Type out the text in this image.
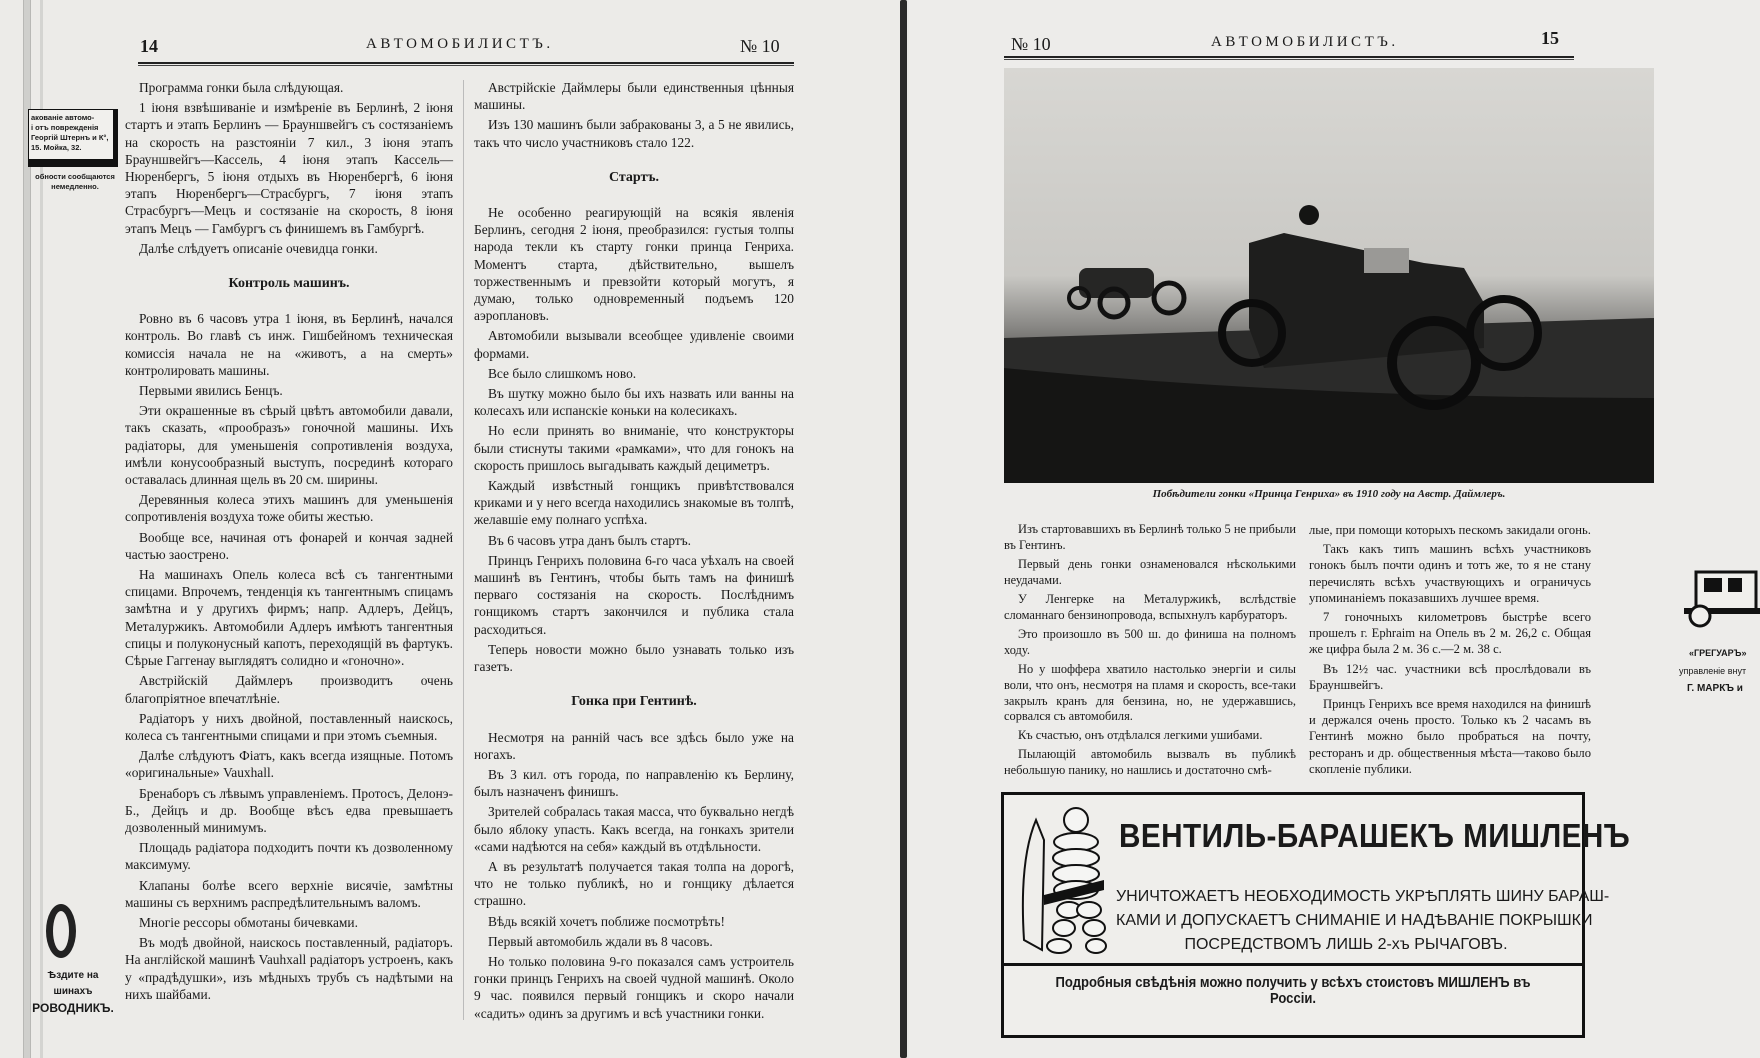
14	АВТОМОБИЛИСТЪ.	№ 10
акованіе автомо-
і отъ поврежденія
Георгій Штернъ и К°,
15. Мойка, 32.
обности сообщаются
немедленно.
Ѣздите на
шинахъ
РОВОДНИКЪ.

Программа гонки была слѣдующая.

1 іюня взвѣшиваніе и измѣреніе въ Берлинѣ, 2 іюня стартъ и этапъ Берлинъ — Брауншвейгъ съ состязаніемъ на скорость на разстояніи 7 кил., 3 іюня этапъ Брауншвейгъ—Кассель, 4 іюня этапъ Кассель—Нюренбергъ, 5 іюня отдыхъ въ Нюренбергѣ, 6 іюня этапъ Нюренбергъ—Страсбургъ, 7 іюня этапъ Страсбургъ—Мецъ и состязаніе на скорость, 8 іюня этапъ Мецъ — Гамбургъ съ финишемъ въ Гамбургѣ.

Далѣе слѣдуетъ описаніе очевидца гонки.

Контроль машинъ.

Ровно въ 6 часовъ утра 1 іюня, въ Берлинѣ, начался контроль. Во главѣ съ инж. Гишбейномъ техническая комиссія начала не на «животъ, а на смерть» контролировать машины.

Первыми явились Бенцъ.

Эти окрашенные въ сѣрый цвѣтъ автомобили давали, такъ сказать, «прообразъ» гоночной машины. Ихъ радіаторы, для уменьшенія сопротивленія воздуха, имѣли конусообразный выступъ, посрединѣ котораго оставалась длинная щель въ 20 см. ширины.

Деревянныя колеса этихъ машинъ для уменьшенія сопротивленія воздуха тоже обиты жестью.

Вообще все, начиная отъ фонарей и кончая задней частью заострено.

На машинахъ Опель колеса всѣ съ тангентными спицами. Впрочемъ, тенденція къ тангентнымъ спицамъ замѣтна и у другихъ фирмъ; напр. Адлеръ, Дейцъ, Металуржикъ. Автомобили Адлеръ имѣютъ тангентныя спицы и полуконусный капотъ, переходящій въ фартукъ. Сѣрые Гаггенау выглядятъ солидно и «гоночно».

Австрійскій Даймлеръ производитъ очень благопріятное впечатлѣніе.

Радіаторъ у нихъ двойной, поставленный наискось, колеса съ тангентными спицами и при этомъ съемныя.

Далѣе слѣдуютъ Фіатъ, какъ всегда изящные. Потомъ «оригинальные» Vauxhall.

Бренаборъ съ лѣвымъ управленіемъ. Протосъ, Делонэ-Б., Дейцъ и др. Вообще вѣсъ едва превышаетъ дозволенный минимумъ.

Площадь радіатора подходитъ почти къ дозволенному максимуму.

Клапаны болѣе всего верхніе висячіе, замѣтны машины съ верхнимъ распредѣлительнымъ валомъ.

Многіе рессоры обмотаны бичевками.

Въ модѣ двойной, наискось поставленный, радіаторъ. На англійской машинѣ Vauhxall радіаторъ устроенъ, какъ у «прадѣдушки», изъ мѣдныхъ трубъ съ надѣтыми на нихъ шайбами.

Австрійскіе Даймлеры были единственныя цѣнныя машины.

Изъ 130 машинъ были забракованы 3, а 5 не явились, такъ что число участниковъ стало 122.

Стартъ.

Не особенно реагирующій на всякія явленія Берлинъ, сегодня 2 іюня, преобразился: густыя толпы народа текли къ старту гонки принца Генриха. Моментъ старта, дѣйствительно, вышелъ торжественнымъ и превзойти который могутъ, я думаю, только одновременный подъемъ 120 аэроплановъ.

Автомобили вызывали всеобщее удивленіе своими формами.

Все было слишкомъ ново.

Въ шутку можно было бы ихъ назвать или ванны на колесахъ или испанскіе коньки на колесикахъ.

Но если принять во вниманіе, что конструкторы были стиснуты такими «рамками», что для гонокъ на скорость пришлось выгадывать каждый дециметръ.

Каждый извѣстный гонщикъ привѣтствовался криками и у него всегда находились знакомые въ толпѣ, желавшіе ему полнаго успѣха.

Въ 6 часовъ утра данъ былъ стартъ.

Принцъ Генрихъ половина 6-го часа уѣхалъ на своей машинѣ въ Гентинъ, чтобы быть тамъ на финишѣ перваго состязанія на скорость. Послѣднимъ гонщикомъ стартъ закончился и публика стала расходиться.

Теперь новости можно было узнавать только изъ газетъ.

Гонка при Гентинѣ.

Несмотря на ранній часъ все здѣсь было уже на ногахъ.

Въ 3 кил. отъ города, по направленію къ Берлину, былъ назначенъ финишъ.

Зрителей собралась такая масса, что буквально негдѣ было яблоку упасть. Какъ всегда, на гонкахъ зрители «сами надѣются на себя» каждый въ отдѣльности.

А въ результатѣ получается такая толпа на дорогѣ, что не только публикѣ, но и гонщику дѣлается страшно.

Вѣдь всякій хочетъ поближе посмотрѣть!

Первый автомобиль ждали въ 8 часовъ.

Но только половина 9-го показался самъ устроитель гонки принцъ Генрихъ на своей чудной машинѣ. Около 9 час. появился первый гонщикъ и скоро начали «садить» одинъ за другимъ и всѣ участники гонки.

№ 10	АВТОМОБИЛИСТЪ.	15
Побѣдители гонки «Принца Генриха» въ 1910 году на Австр. Даймлеръ.

Изъ стартовавшихъ въ Берлинѣ только 5 не прибыли въ Гентинъ.

Первый день гонки ознаменовался нѣсколькими неудачами.

У Ленгерке на Металуржикѣ, вслѣдствіе сломаннаго бензинопровода, вспыхнулъ карбураторъ.

Это произошло въ 500 ш. до финиша на полномъ ходу.

Но у шоффера хватило настолько энергіи и силы воли, что онъ, несмотря на пламя и скорость, все-таки закрылъ кранъ для бензина, но, не удержавшись, сорвался съ автомобиля.

Къ счастью, онъ отдѣлался легкими ушибами.

Пылающій автомобиль вызвалъ въ публикѣ небольшую панику, но нашлись и достаточно смѣ-

лые, при помощи которыхъ пескомъ закидали огонь.

Такъ какъ типъ машинъ всѣхъ участниковъ гонокъ былъ почти одинъ и тотъ же, то я не стану перечислять всѣхъ участвующихъ и ограничусь упоминаніемъ показавшихъ лучшее время.

7 гоночныхъ километровъ быстрѣе всего прошелъ г. Ephraim на Опель въ 2 м. 26,2 с. Общая же цифра была 2 м. 36 с.—2 м. 38 с.

Въ 12½ час. участники всѣ прослѣдовали въ Брауншвейгъ.

Принцъ Генрихъ все время находился на финишѣ и держался очень просто. Только къ 2 часамъ въ Гентинѣ можно было пробраться на почту, ресторанъ и др. общественныя мѣста—таково было скопленіе публики.

ВЕНТИЛЬ-БАРАШЕКЪ МИШЛЕНЪ
УНИЧТОЖАЕТЪ НЕОБХОДИМОСТЬ УКРѢПЛЯТЬ ШИНУ БАРАШ-
КАМИ И ДОПУСКАЕТЪ СНИМАНІЕ И НАДѢВАНІЕ ПОКРЫШКИ
ПОСРЕДСТВОМЪ ЛИШЬ 2-хъ РЫЧАГОВЪ.
Подробныя свѣдѣнія можно получить у всѣхъ стоистовъ МИШЛЕНЪ въ Россіи.
«ГРЕГУАРЪ»
управленіе внут
Г. МАРКЪ и
